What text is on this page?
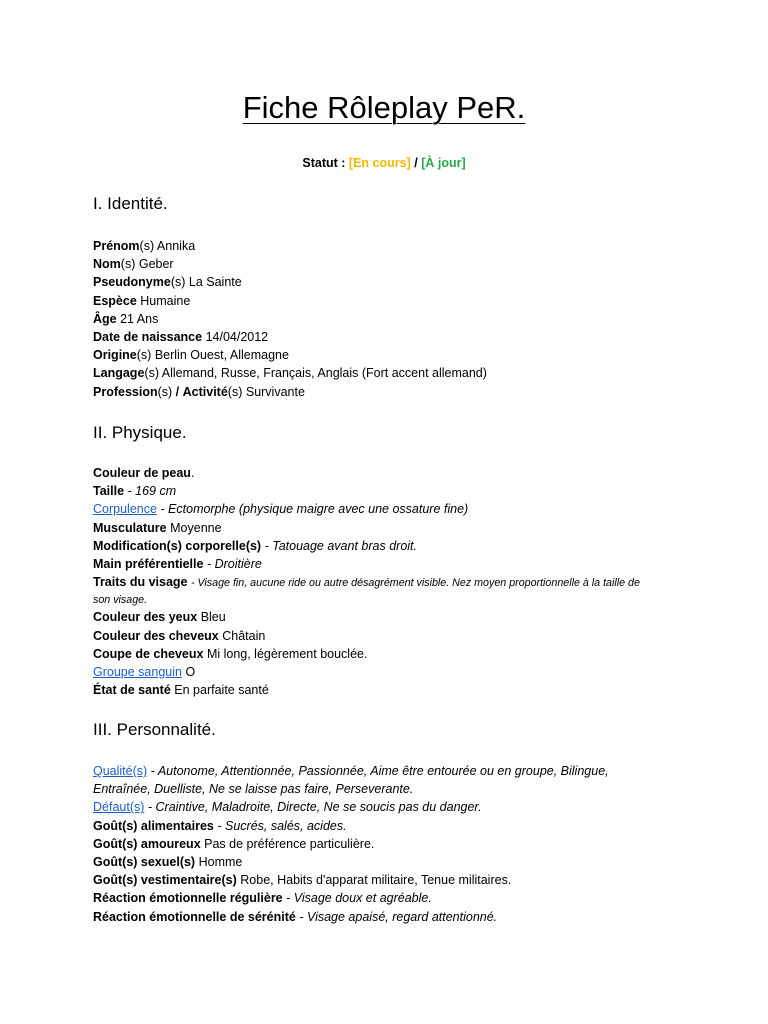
Fiche Rôleplay PeR.
Statut : [En cours] / [À jour]
I. Identité.
Prénom(s) Annika
Nom(s) Geber
Pseudonyme(s) La Sainte
Espèce Humaine
Âge 21 Ans
Date de naissance 14/04/2012
Origine(s) Berlin Ouest, Allemagne
Langage(s) Allemand, Russe, Français, Anglais (Fort accent allemand)
Profession(s) / Activité(s) Survivante
II. Physique.
Couleur de peau.
Taille - 169 cm
Corpulence - Ectomorphe (physique maigre avec une ossature fine)
Musculature Moyenne
Modification(s) corporelle(s) - Tatouage avant bras droit.
Main préférentielle - Droitière
Traits du visage - Visage fin, aucune ride ou autre désagrément visible. Nez moyen proportionnelle à la taille de
son visage.
Couleur des yeux Bleu
Couleur des cheveux Châtain
Coupe de cheveux Mi long, légèrement bouclée.
Groupe sanguin O
État de santé En parfaite santé
III. Personnalité.
Qualité(s) - Autonome, Attentionnée, Passionnée, Aime être entourée ou en groupe, Bilingue,
Entraînée, Duelliste, Ne se laisse pas faire, Perseverante.
Défaut(s) - Craintive, Maladroite, Directe, Ne se soucis pas du danger.
Goût(s) alimentaires - Sucrés, salés, acides.
Goût(s) amoureux Pas de préférence particulière.
Goût(s) sexuel(s) Homme
Goût(s) vestimentaire(s) Robe, Habits d'apparat militaire, Tenue militaires.
Réaction émotionnelle régulière - Visage doux et agréable.
Réaction émotionnelle de sérénité - Visage apaisé, regard attentionné.
